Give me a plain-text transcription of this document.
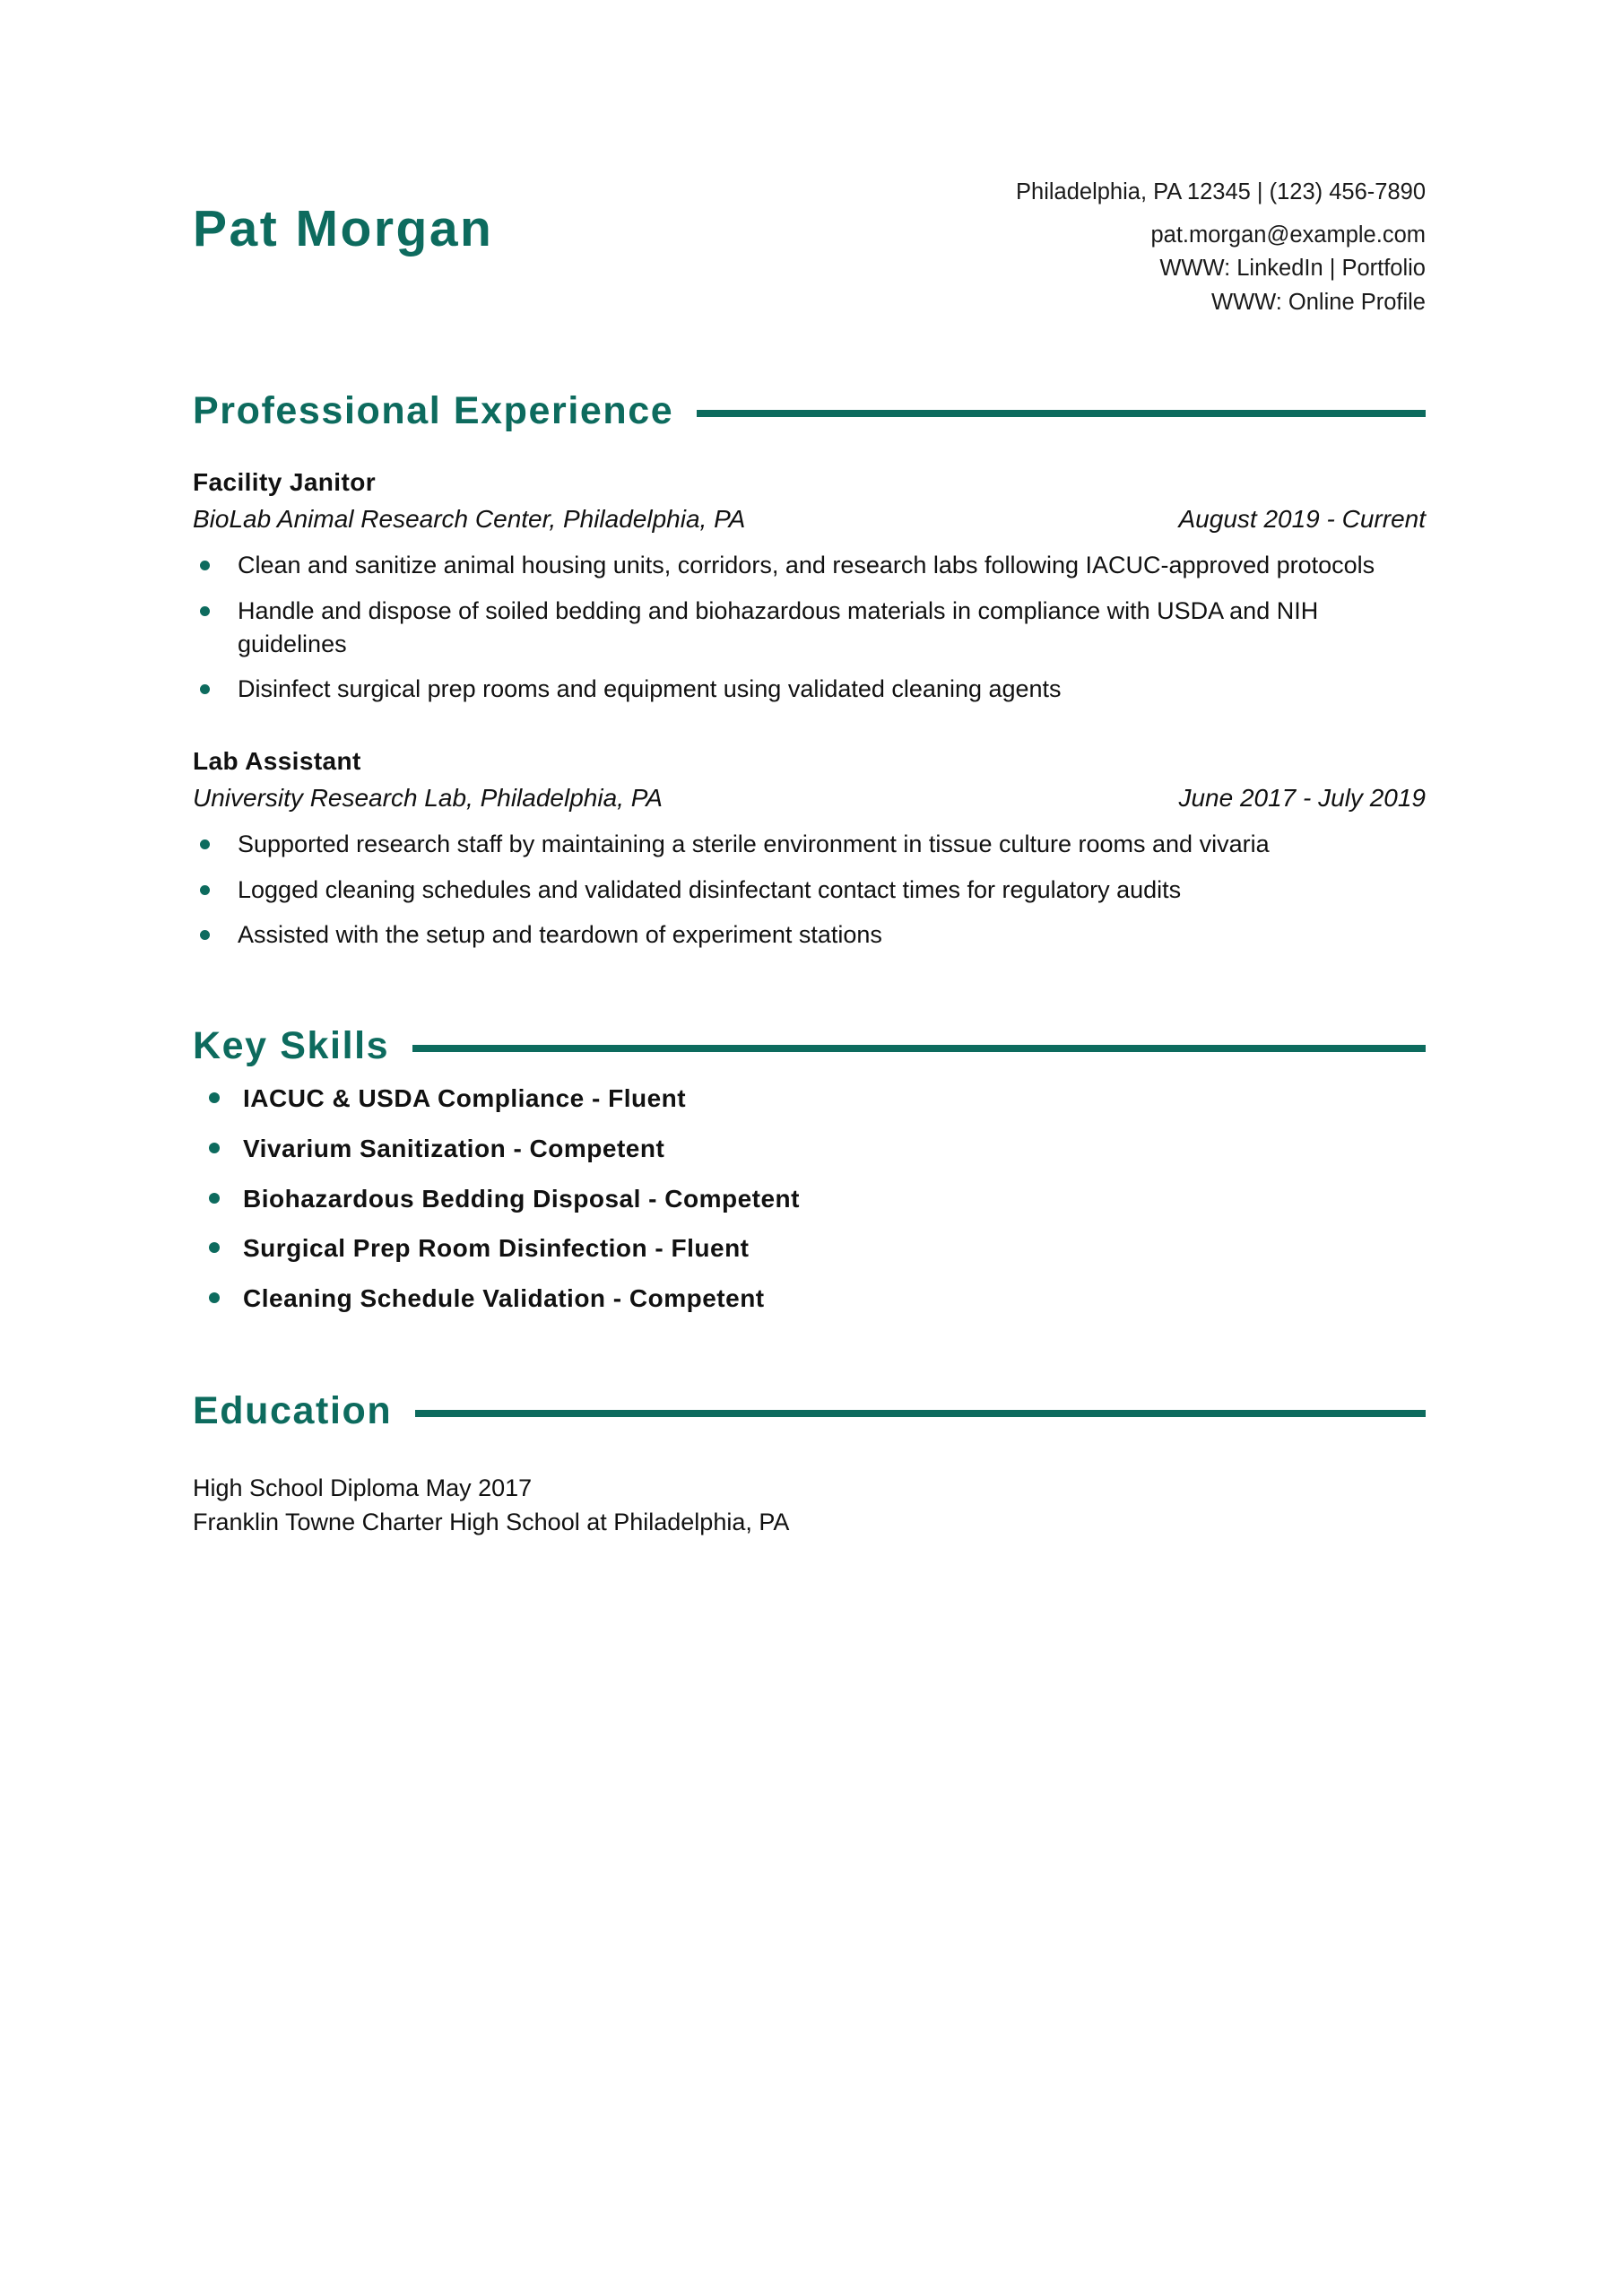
Pat Morgan
Philadelphia, PA 12345 | (123) 456-7890
pat.morgan@example.com
WWW: LinkedIn | Portfolio
WWW: Online Profile
Professional Experience
Facility Janitor
BioLab Animal Research Center, Philadelphia, PA	August 2019 - Current
Clean and sanitize animal housing units, corridors, and research labs following IACUC-approved protocols
Handle and dispose of soiled bedding and biohazardous materials in compliance with USDA and NIH guidelines
Disinfect surgical prep rooms and equipment using validated cleaning agents
Lab Assistant
University Research Lab, Philadelphia, PA	June 2017 - July 2019
Supported research staff by maintaining a sterile environment in tissue culture rooms and vivaria
Logged cleaning schedules and validated disinfectant contact times for regulatory audits
Assisted with the setup and teardown of experiment stations
Key Skills
IACUC & USDA Compliance - Fluent
Vivarium Sanitization - Competent
Biohazardous Bedding Disposal - Competent
Surgical Prep Room Disinfection - Fluent
Cleaning Schedule Validation - Competent
Education
High School Diploma May 2017
Franklin Towne Charter High School at Philadelphia, PA
